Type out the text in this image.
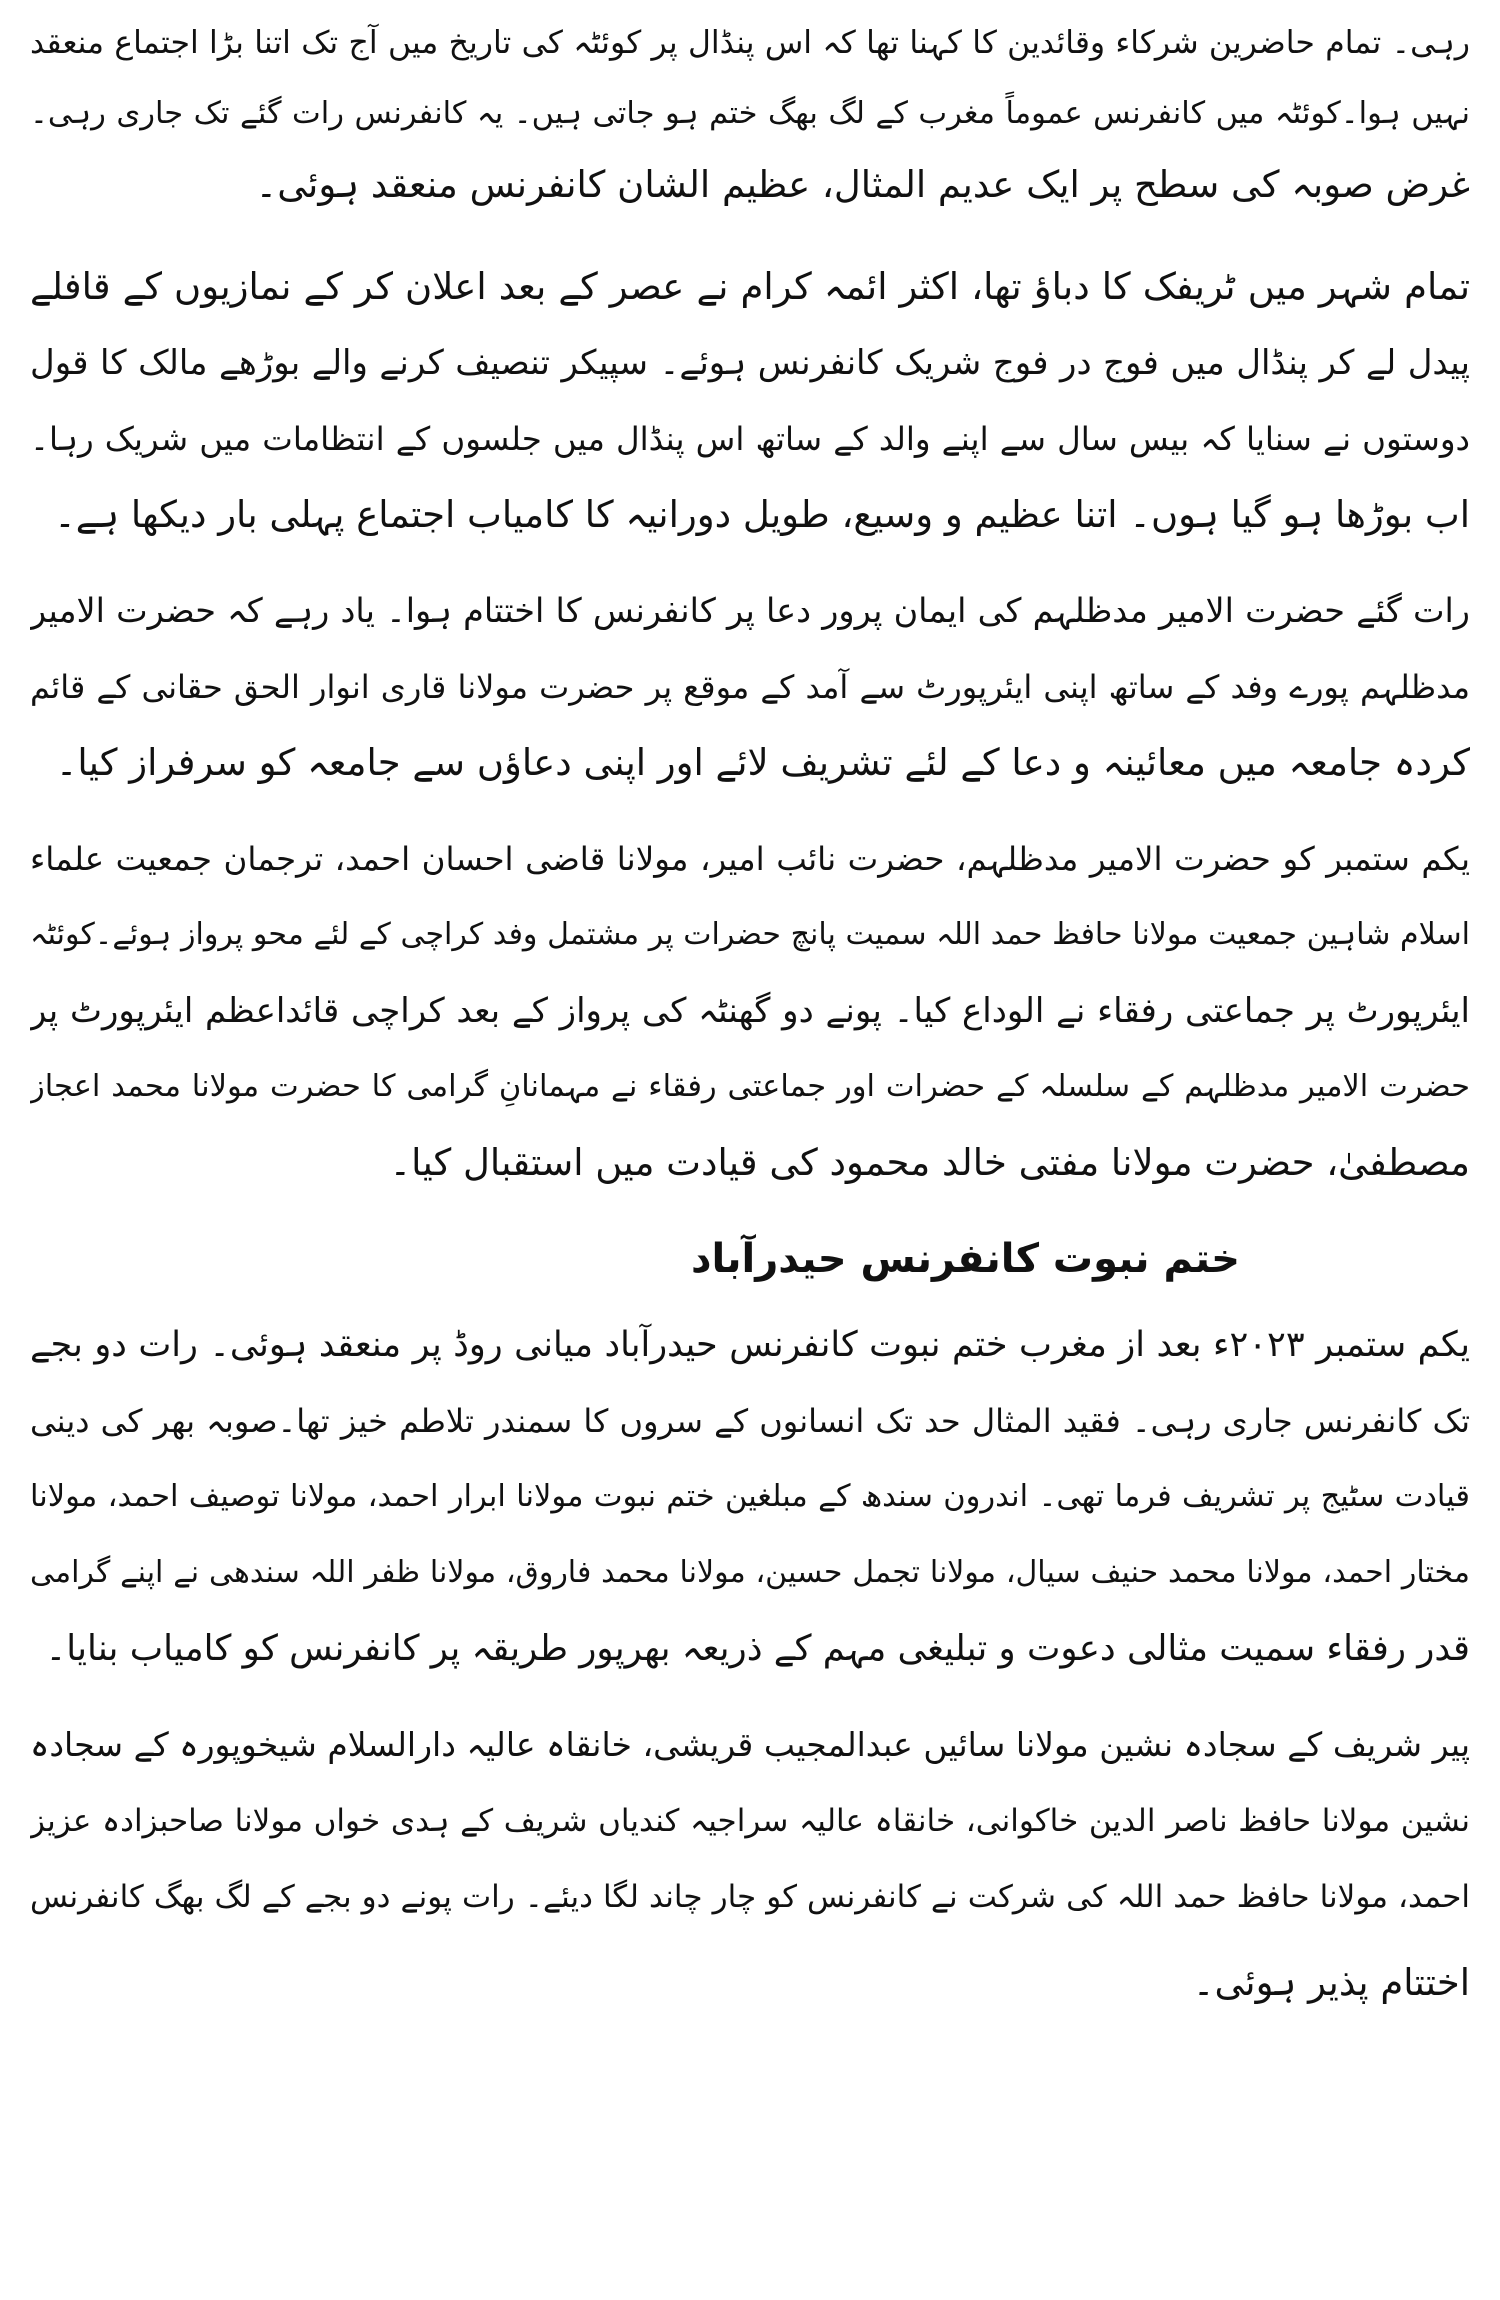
رہی۔ تمام حاضرین شرکاء وقائدین کا کہنا تھا کہ اس پنڈال پر کوئٹہ کی تاریخ میں آج تک اتنا بڑا اجتماع منعقد
نہیں ہوا۔کوئٹہ میں کانفرنس عموماً مغرب کے لگ بھگ ختم ہو جاتی ہیں۔ یہ کانفرنس رات گئے تک جاری رہی۔
غرض صوبہ کی سطح پر ایک عدیم المثال، عظیم الشان کانفرنس منعقد ہوئی۔
تمام شہر میں ٹریفک کا دباؤ تھا، اکثر ائمہ کرام نے عصر کے بعد اعلان کر کے نمازیوں کے قافلے
پیدل لے کر پنڈال میں فوج در فوج شریک کانفرنس ہوئے۔ سپیکر تنصیف کرنے والے بوڑھے مالک کا قول
دوستوں نے سنایا کہ بیس سال سے اپنے والد کے ساتھ اس پنڈال میں جلسوں کے انتظامات میں شریک رہا۔
اب بوڑھا ہو گیا ہوں۔ اتنا عظیم و وسیع، طویل دورانیہ کا کامیاب اجتماع پہلی بار دیکھا ہے۔
رات گئے حضرت الامیر مدظلہم کی ایمان پرور دعا پر کانفرنس کا اختتام ہوا۔ یاد رہے کہ حضرت الامیر
مدظلہم پورے وفد کے ساتھ اپنی ایئرپورٹ سے آمد کے موقع پر حضرت مولانا قاری انوار الحق حقانی کے قائم
کردہ جامعہ میں معائینہ و دعا کے لئے تشریف لائے اور اپنی دعاؤں سے جامعہ کو سرفراز کیا۔
یکم ستمبر کو حضرت الامیر مدظلہم، حضرت نائب امیر، مولانا قاضی احسان احمد، ترجمان جمعیت علماء
اسلام شاہین جمعیت مولانا حافظ حمد اللہ سمیت پانچ حضرات پر مشتمل وفد کراچی کے لئے محو پرواز ہوئے۔کوئٹہ
ایئرپورٹ پر جماعتی رفقاء نے الوداع کیا۔ پونے دو گھنٹہ کی پرواز کے بعد کراچی قائداعظم ایئرپورٹ پر
حضرت الامیر مدظلہم کے سلسلہ کے حضرات اور جماعتی رفقاء نے مہمانانِ گرامی کا حضرت مولانا محمد اعجاز
مصطفیٰ، حضرت مولانا مفتی خالد محمود کی قیادت میں استقبال کیا۔
ختم نبوت کانفرنس حیدرآباد
یکم ستمبر ۲۰۲۳ء بعد از مغرب ختم نبوت کانفرنس حیدرآباد میانی روڈ پر منعقد ہوئی۔ رات دو بجے
تک کانفرنس جاری رہی۔ فقید المثال حد تک انسانوں کے سروں کا سمندر تلاطم خیز تھا۔صوبہ بھر کی دینی
قیادت سٹیج پر تشریف فرما تھی۔ اندرون سندھ کے مبلغین ختم نبوت مولانا ابرار احمد، مولانا توصیف احمد، مولانا
مختار احمد، مولانا محمد حنیف سیال، مولانا تجمل حسین، مولانا محمد فاروق، مولانا ظفر اللہ سندھی نے اپنے گرامی
قدر رفقاء سمیت مثالی دعوت و تبلیغی مہم کے ذریعہ بھرپور طریقہ پر کانفرنس کو کامیاب بنایا۔
پیر شریف کے سجادہ نشین مولانا سائیں عبدالمجیب قریشی، خانقاہ عالیہ دارالسلام شیخوپورہ کے سجادہ
نشین مولانا حافظ ناصر الدین خاکوانی، خانقاہ عالیہ سراجیہ کندیاں شریف کے ہدی خواں مولانا صاحبزادہ عزیز
احمد، مولانا حافظ حمد اللہ کی شرکت نے کانفرنس کو چار چاند لگا دیئے۔ رات پونے دو بجے کے لگ بھگ کانفرنس
اختتام پذیر ہوئی۔
